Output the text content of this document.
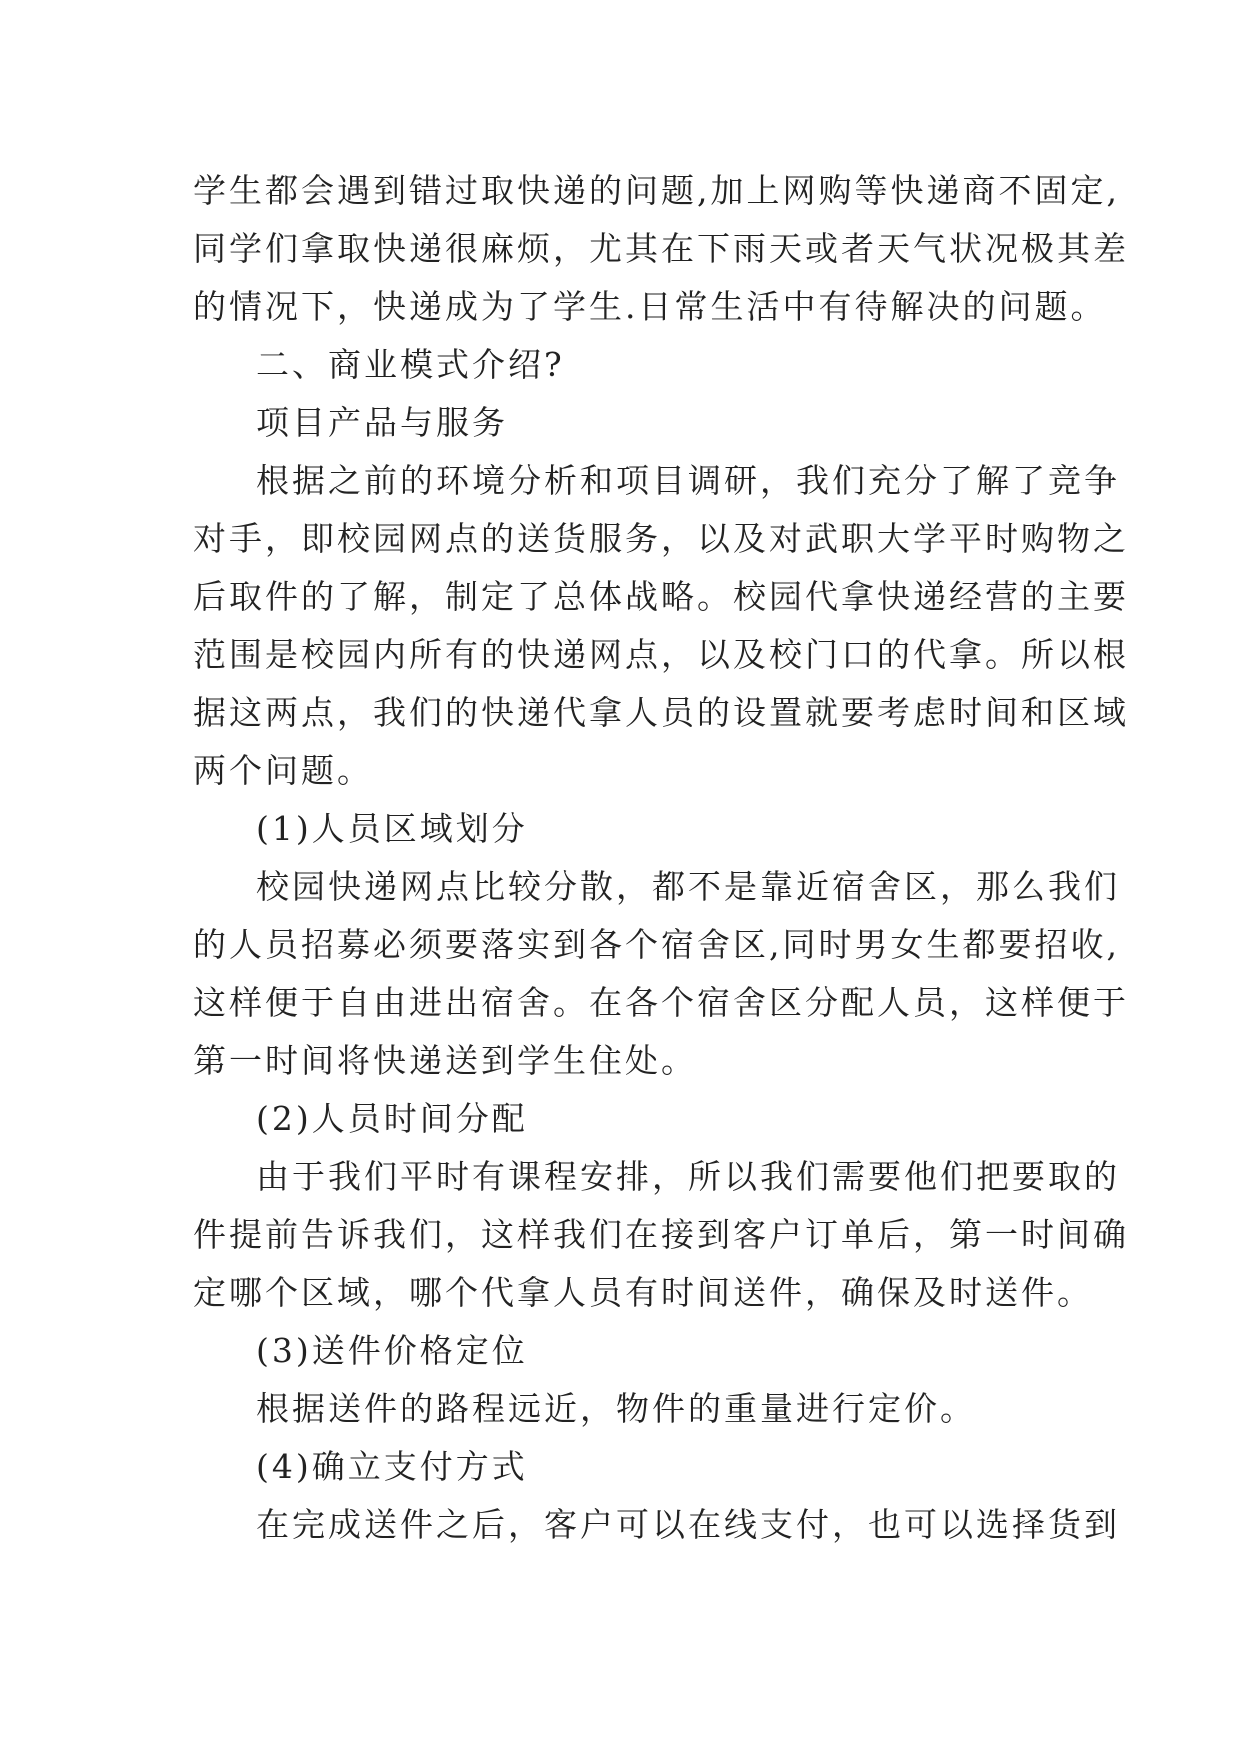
学生都会遇到错过取快递的问题,加上网购等快递商不固定,

同学们拿取快递很麻烦，尤其在下雨天或者天气状况极其差

的情况下，快递成为了学生.日常生活中有待解决的问题。

二、商业模式介绍?

项目产品与服务

根据之前的环境分析和项目调研，我们充分了解了竞争

对手，即校园网点的送货服务，以及对武职大学平时购物之

后取件的了解，制定了总体战略。校园代拿快递经营的主要

范围是校园内所有的快递网点，以及校门口的代拿。所以根

据这两点，我们的快递代拿人员的设置就要考虑时间和区域

两个问题。

(1)人员区域划分

校园快递网点比较分散，都不是靠近宿舍区，那么我们

的人员招募必须要落实到各个宿舍区,同时男女生都要招收,

这样便于自由进出宿舍。在各个宿舍区分配人员，这样便于

第一时间将快递送到学生住处。

(2)人员时间分配

由于我们平时有课程安排，所以我们需要他们把要取的

件提前告诉我们，这样我们在接到客户订单后，第一时间确

定哪个区域，哪个代拿人员有时间送件，确保及时送件。

(3)送件价格定位

根据送件的路程远近，物件的重量进行定价。

(4)确立支付方式

在完成送件之后，客户可以在线支付，也可以选择货到
